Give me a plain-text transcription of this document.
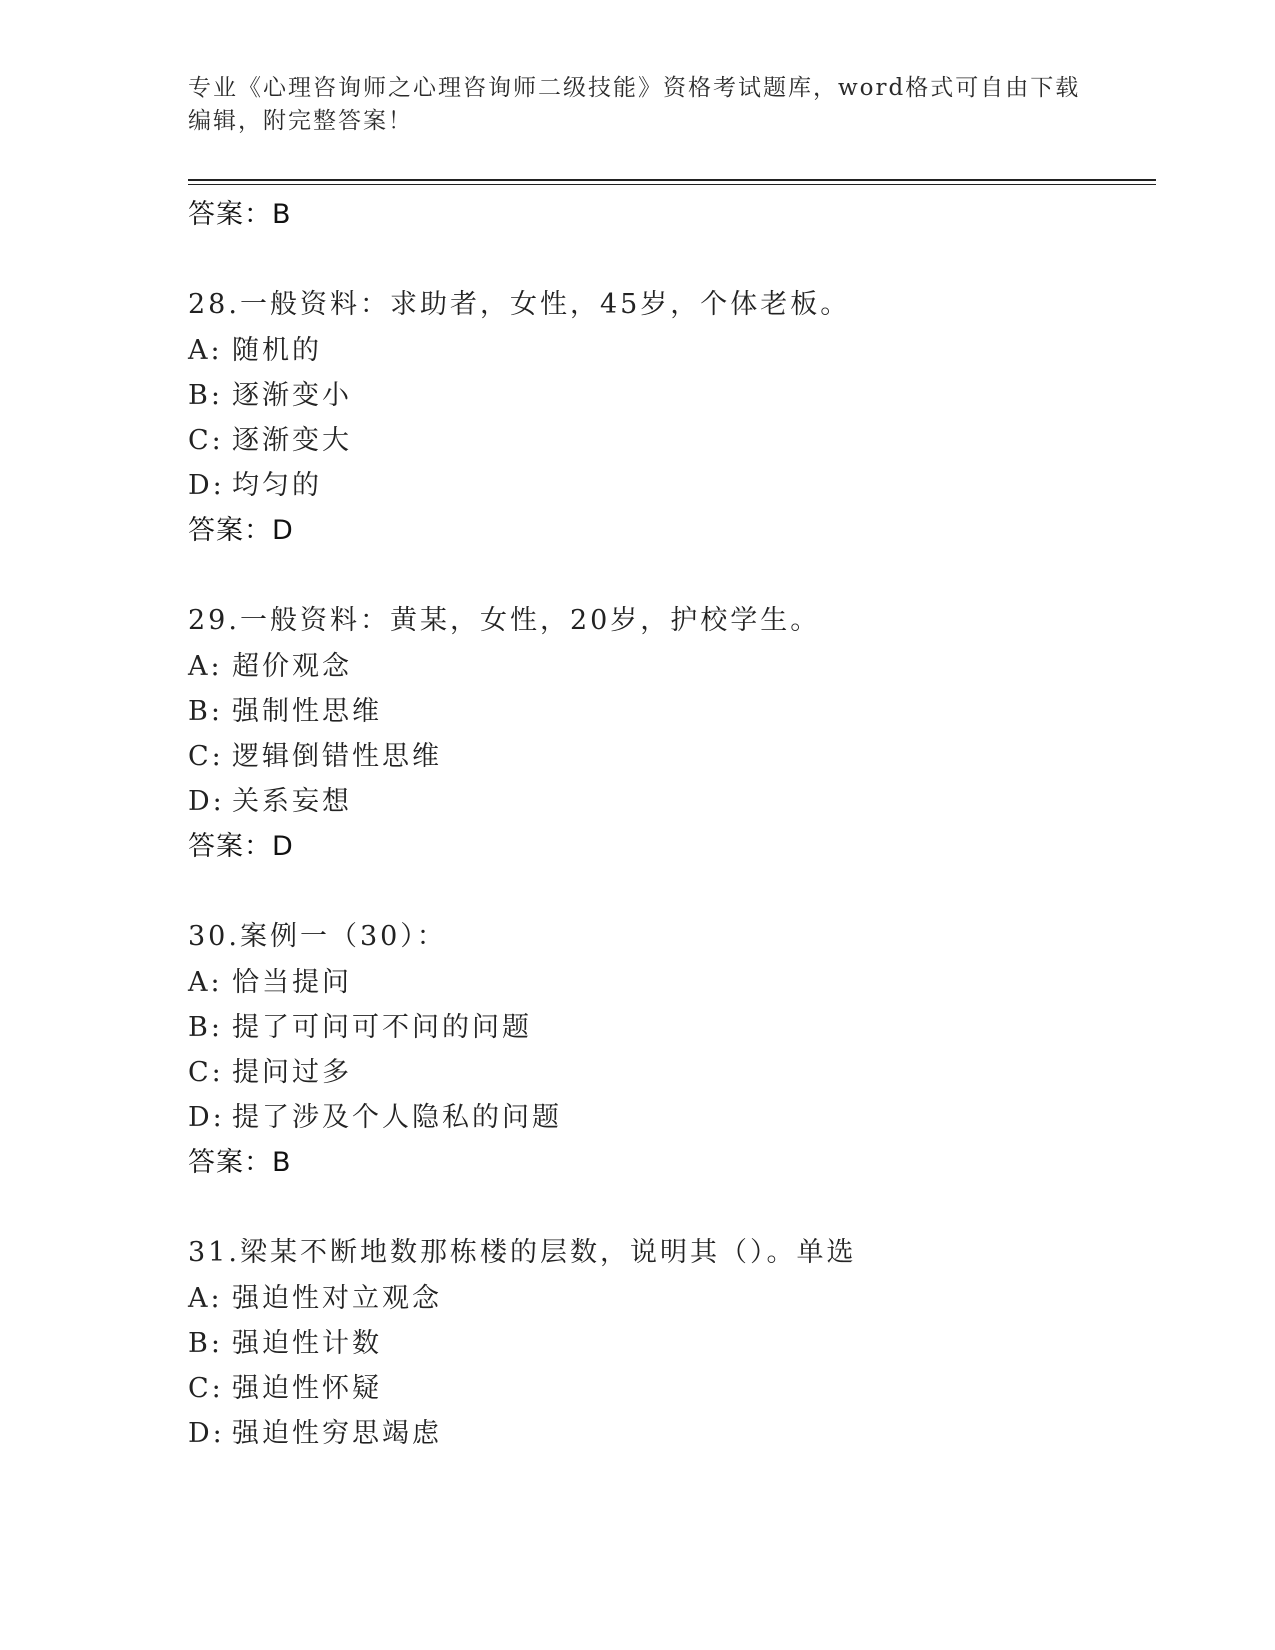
专业《心理咨询师之心理咨询师二级技能》资格考试题库，word格式可自由下载
编辑，附完整答案！
答案：B
28.一般资料：求助者，女性，45岁，个体老板。
A: 随机的
B: 逐渐变小
C: 逐渐变大
D: 均匀的
答案：D
29.一般资料：黄某，女性，20岁，护校学生。
A: 超价观念
B: 强制性思维
C: 逻辑倒错性思维
D: 关系妄想
答案：D
30.案例一（30）：
A: 恰当提问
B: 提了可问可不问的问题
C: 提问过多
D: 提了涉及个人隐私的问题
答案：B
31.梁某不断地数那栋楼的层数，说明其（）。单选
A: 强迫性对立观念
B: 强迫性计数
C: 强迫性怀疑
D: 强迫性穷思竭虑
